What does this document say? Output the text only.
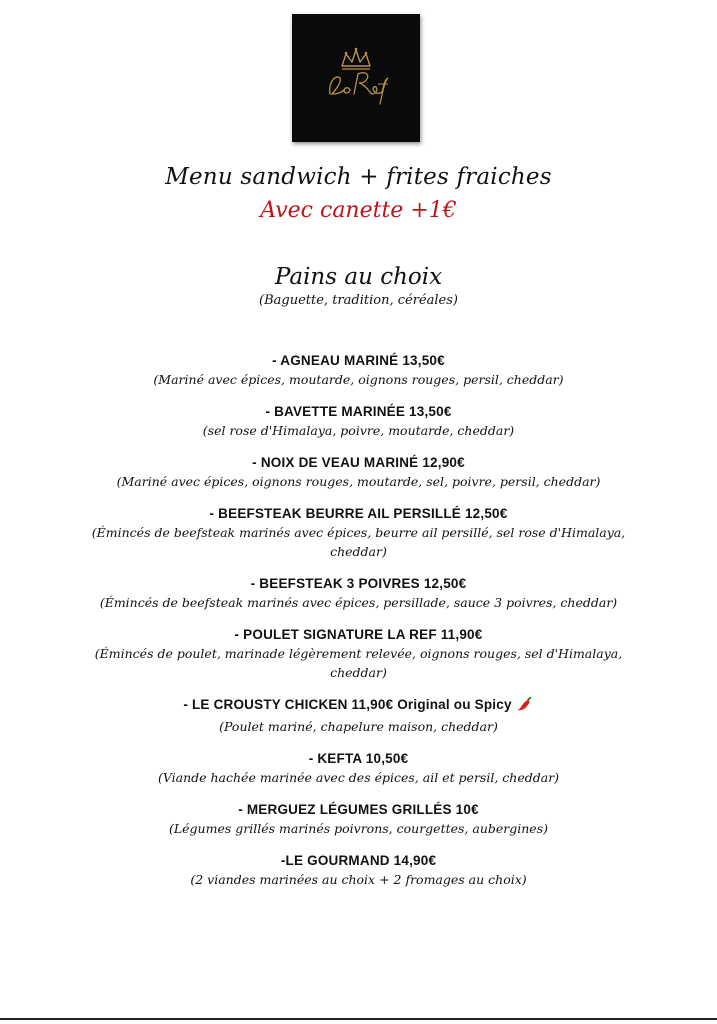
Menu sandwich + frites fraiches
Avec canette +1€
Pains au choix
(Baguette, tradition, céréales)
- AGNEAU MARINÉ 13,50€
(Mariné avec épices, moutarde, oignons rouges, persil, cheddar)
- BAVETTE MARINÉE 13,50€
(sel rose d'Himalaya, poivre, moutarde, cheddar)
- NOIX DE VEAU MARINÉ 12,90€
(Mariné avec épices, oignons rouges, moutarde, sel, poivre, persil, cheddar)
- BEEFSTEAK BEURRE AIL PERSILLÉ 12,50€
(Émincés de beefsteak marinés avec épices, beurre ail persillé, sel rose d'Himalaya, cheddar)
- BEEFSTEAK 3 POIVRES 12,50€
(Émincés de beefsteak marinés avec épices, persillade, sauce 3 poivres, cheddar)
- POULET SIGNATURE LA REF 11,90€
(Émincés de poulet, marinade légèrement relevée, oignons rouges, sel d'Himalaya, cheddar)
- LE CROUSTY CHICKEN 11,90€ Original ou Spicy
(Poulet mariné, chapelure maison, cheddar)
- KEFTA 10,50€
(Viande hachée marinée avec des épices, ail et persil, cheddar)
- MERGUEZ LÉGUMES GRILLÉS 10€
(Légumes grillés marinés poivrons, courgettes, aubergines)
-LE GOURMAND 14,90€
(2 viandes marinées au choix + 2 fromages au choix)
